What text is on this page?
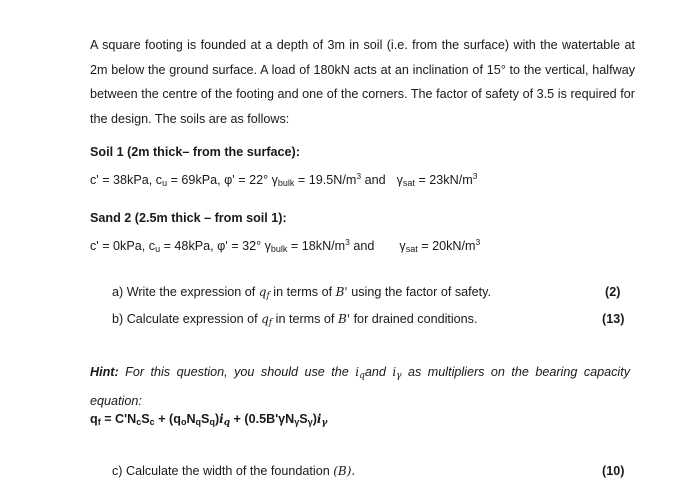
A square footing is founded at a depth of 3m in soil (i.e. from the surface) with the watertable at 2m below the ground surface. A load of 180kN acts at an inclination of 15° to the vertical, halfway between the centre of the footing and one of the corners. The factor of safety of 3.5 is required for the design. The soils are as follows:

Soil 1 (2m thick– from the surface):
c' = 38kPa, $c_u = 69kPa$, φ' = 22° $\gamma_{bulk} = 19.5N/m^3$ and $\gamma_{sat} = 23kN/m^3$
Sand 2 (2.5m thick – from soil 1):
c' = 0kPa, $c_u = 48kPa$, φ' = 32° $\gamma_{bulk} = 18kN/m^3$ and $\gamma_{sat} = 20kN/m^3$
a) Write the expression of $q_f$ in terms of B' using the factor of safety.	(2)
b) Calculate expression of $q_f$ in terms of B' for drained conditions.	(13)

Hint: For this question, you should use the $i_qand$ $i_\gamma$ as multipliers on the bearing capacity equation:

$q_f = C'N_cS_c + (q_oN_qS_q)i_q + (0.5B'\gamma N_\gamma S_\gamma)i_\gamma$
c) Calculate the width of the foundation (B).	(10)
